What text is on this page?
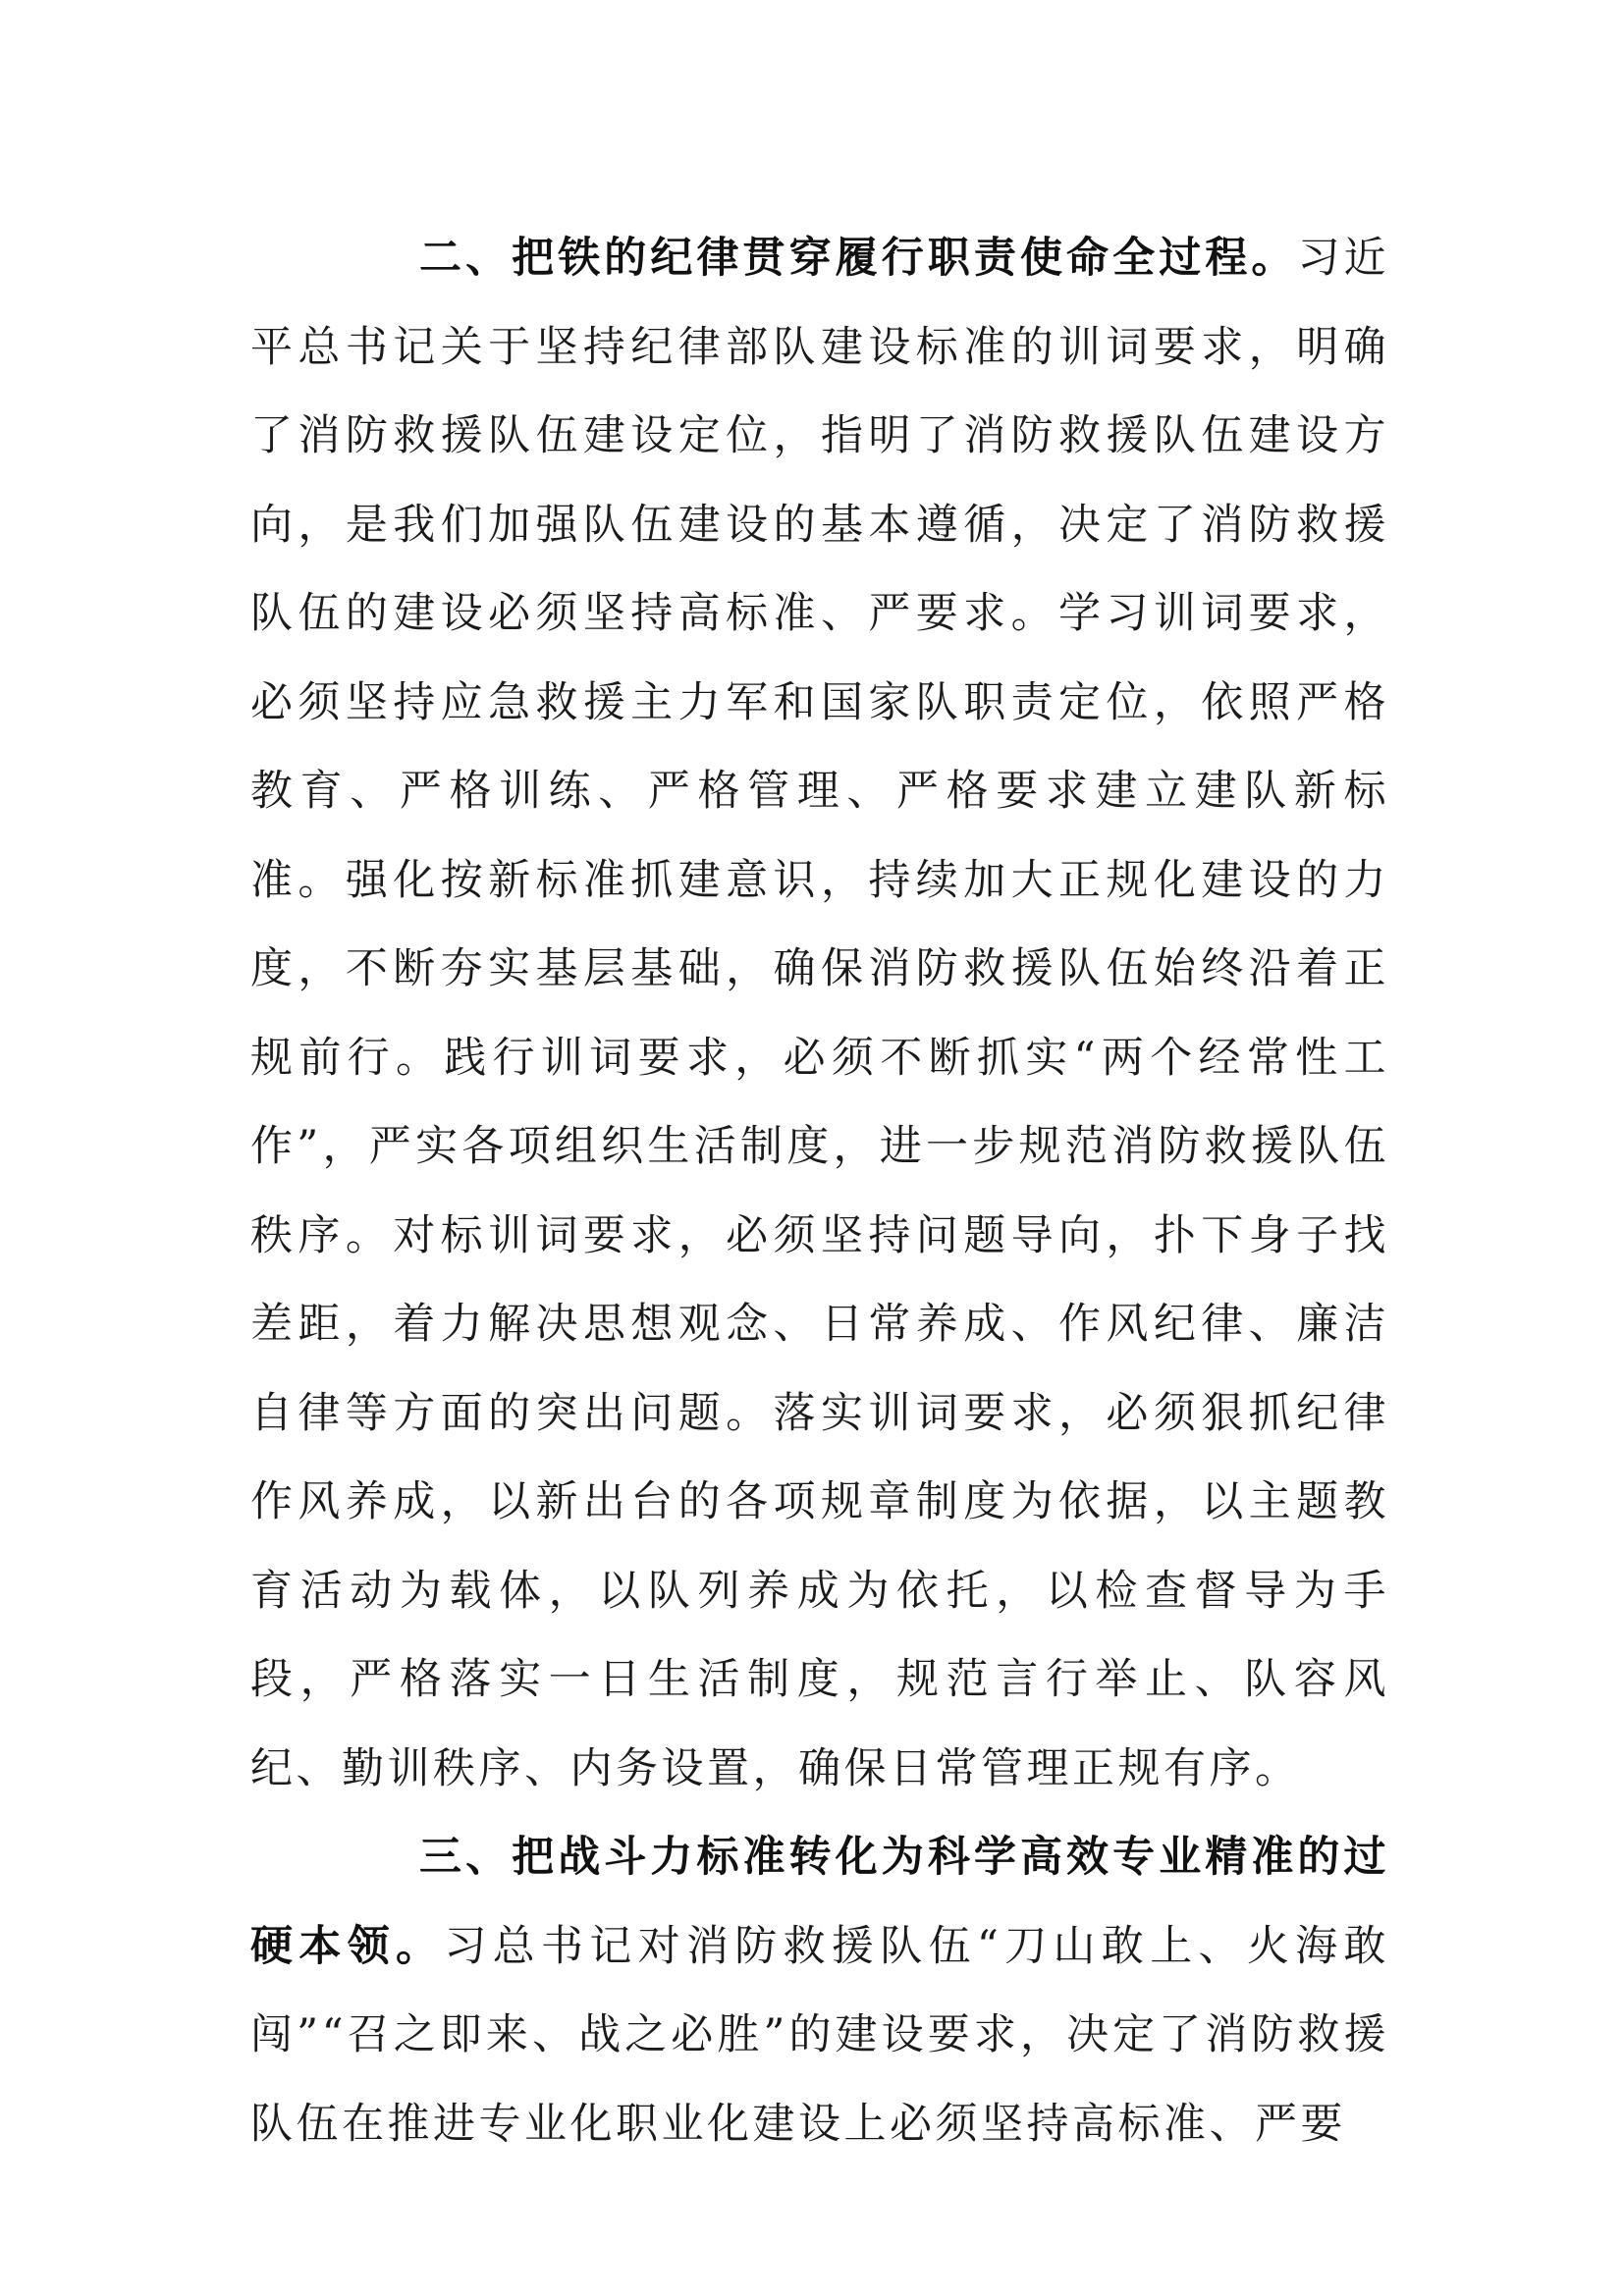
二、把铁的纪律贯穿履行职责使命全过程。习近平总书记关于坚持纪律部队建设标准的训词要求，明确了消防救援队伍建设定位，指明了消防救援队伍建设方向，是我们加强队伍建设的基本遵循，决定了消防救援队伍的建设必须坚持高标准、严要求。学习训词要求，必须坚持应急救援主力军和国家队职责定位，依照严格教育、严格训练、严格管理、严格要求建立建队新标准。强化按新标准抓建意识，持续加大正规化建设的力度，不断夯实基层基础，确保消防救援队伍始终沿着正规前行。践行训词要求，必须不断抓实“两个经常性工作”，严实各项组织生活制度，进一步规范消防救援队伍秩序。对标训词要求，必须坚持问题导向，扑下身子找差距，着力解决思想观念、日常养成、作风纪律、廉洁自律等方面的突出问题。落实训词要求，必须狠抓纪律作风养成，以新出台的各项规章制度为依据，以主题教育活动为载体，以队列养成为依托，以检查督导为手段，严格落实一日生活制度，规范言行举止、队容风纪、勤训秩序、内务设置，确保日常管理正规有序。

三、把战斗力标准转化为科学高效专业精准的过硬本领。习总书记对消防救援队伍“刀山敢上、火海敢闯”“召之即来、战之必胜”的建设要求，决定了消防救援队伍在推进专业化职业化建设上必须坚持高标准、严要
